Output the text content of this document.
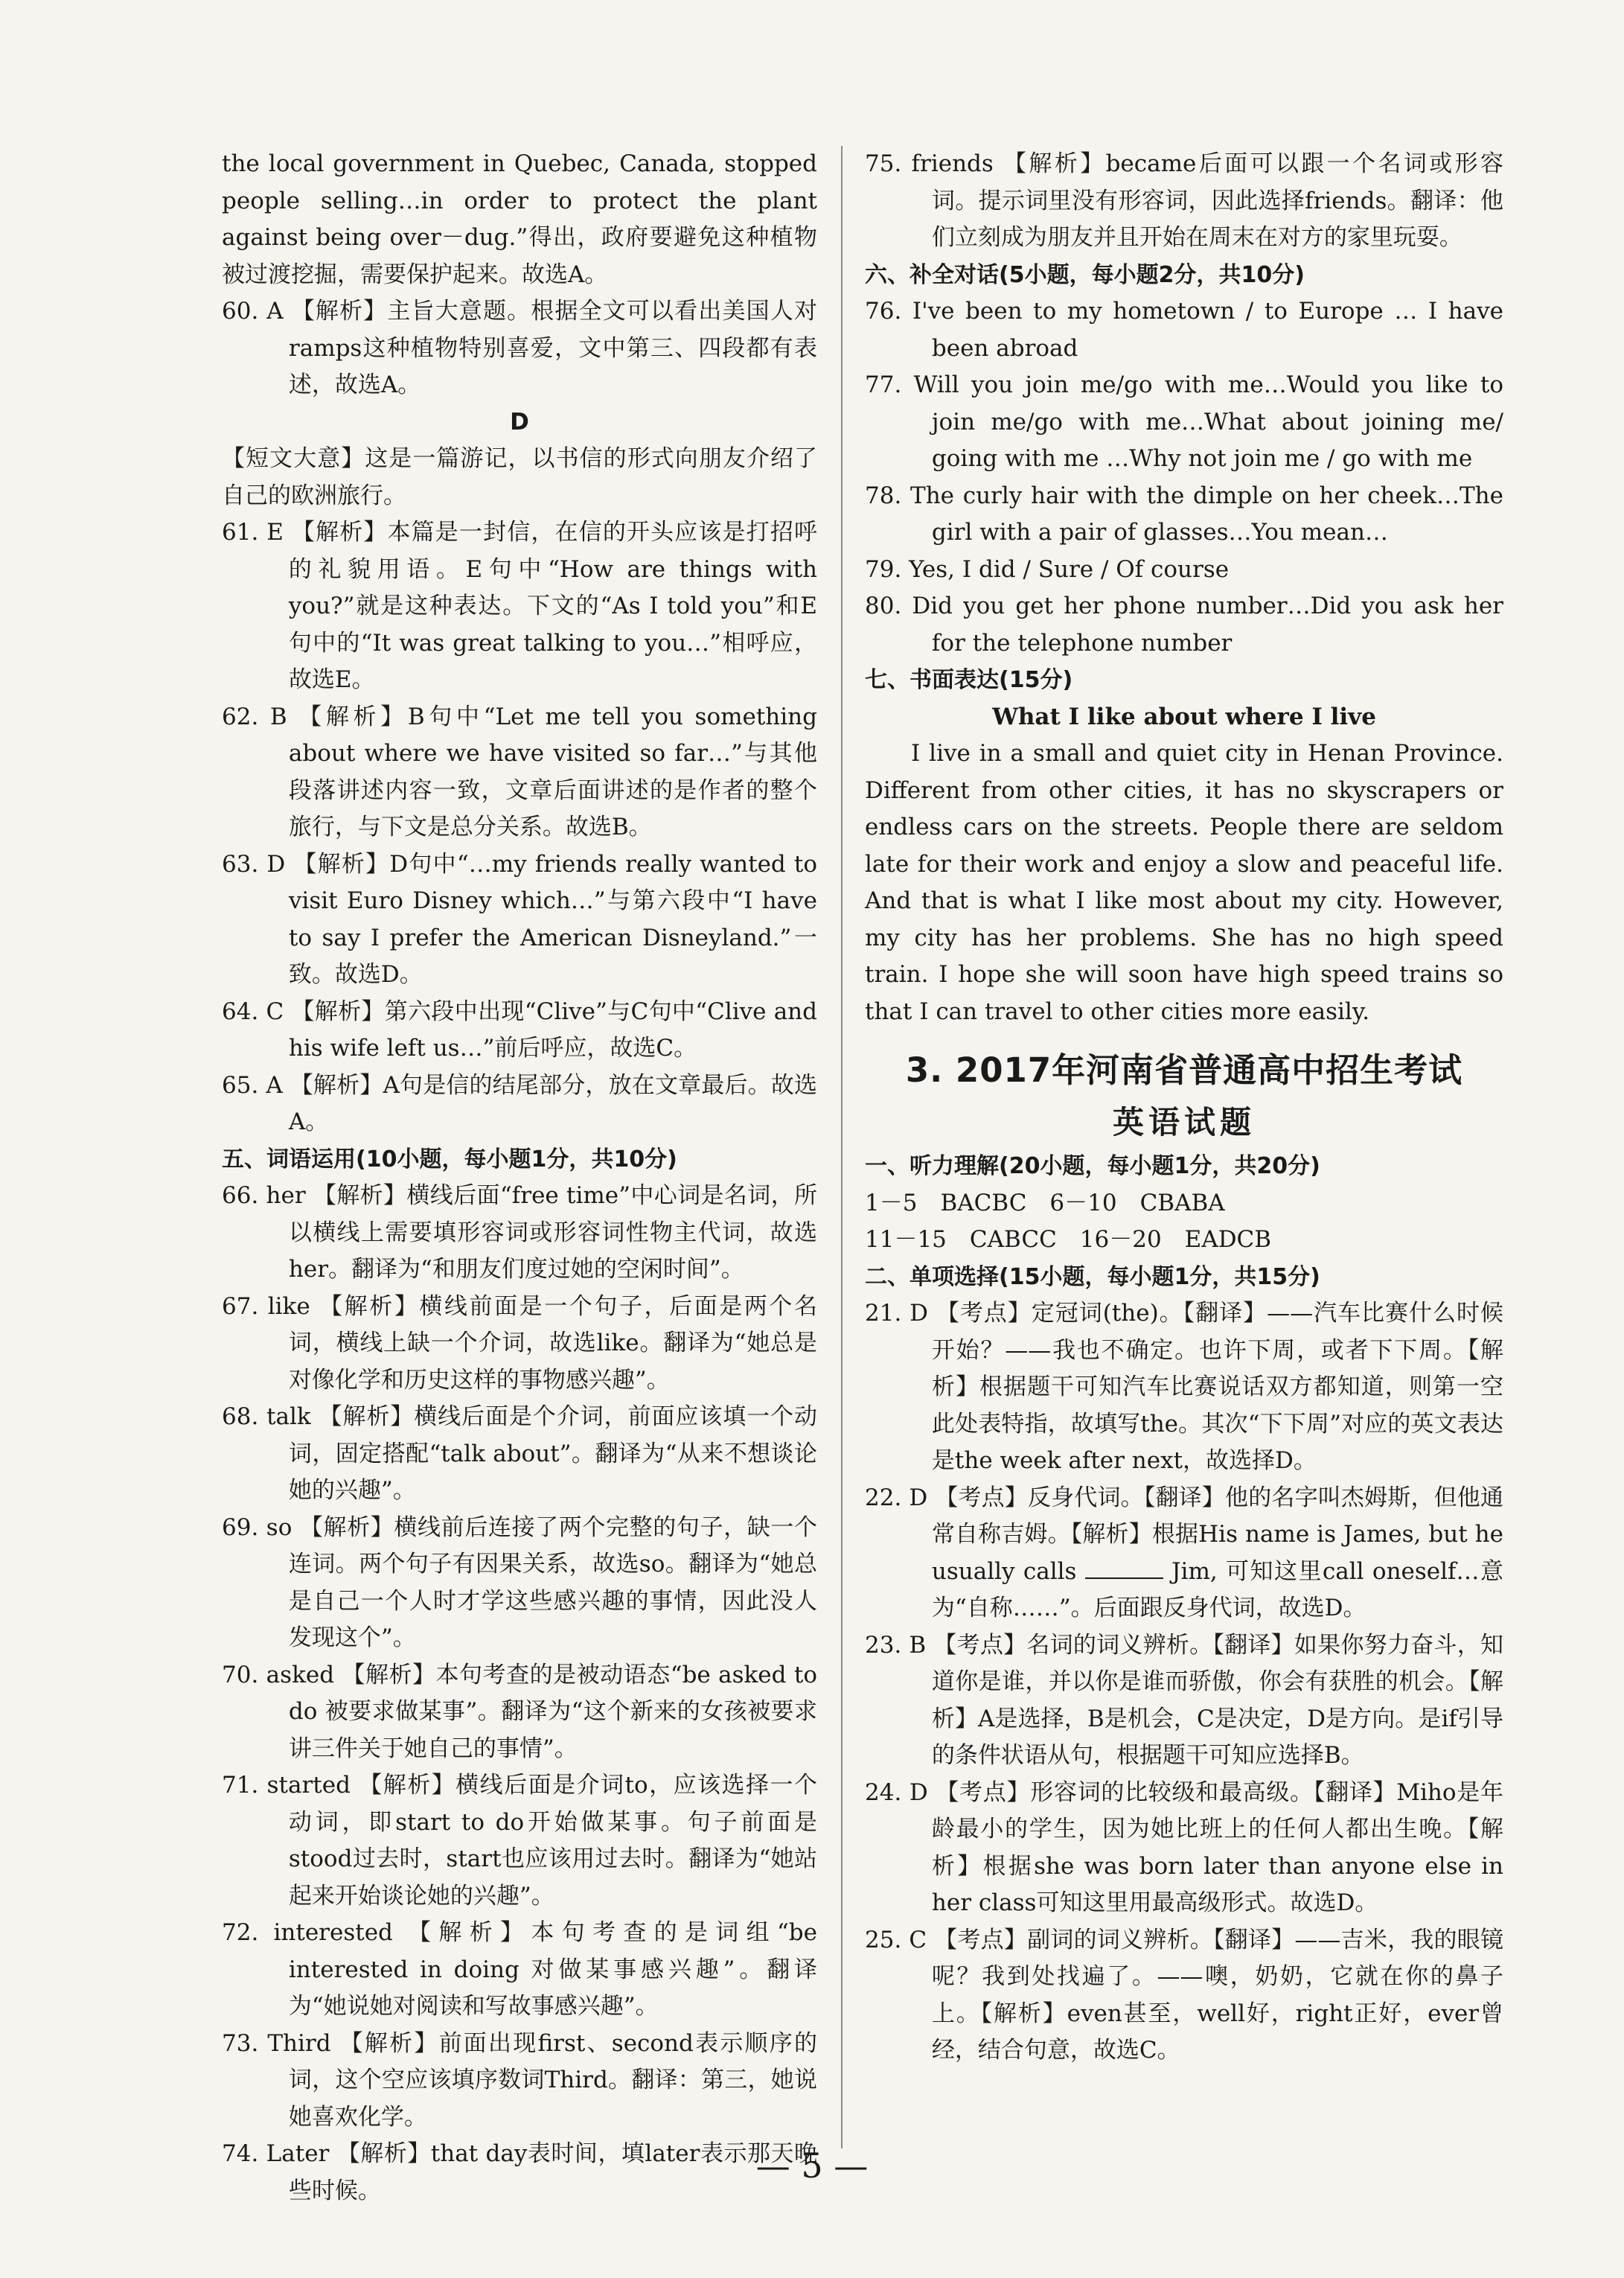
the local government in Quebec, Canada, stopped people selling…in order to protect the plant against being over－dug.”得出，政府要避免这种植物被过渡挖掘，需要保护起来。故选A。
60. A 【解析】主旨大意题。根据全文可以看出美国人对ramps这种植物特别喜爱，文中第三、四段都有表述，故选A。
D
【短文大意】这是一篇游记，以书信的形式向朋友介绍了自己的欧洲旅行。
61. E 【解析】本篇是一封信，在信的开头应该是打招呼的礼貌用语。E句中“How are things with you?”就是这种表达。下文的“As I told you”和E句中的“It was great talking to you…”相呼应，故选E。
62. B 【解析】B句中“Let me tell you something about where we have visited so far…”与其他段落讲述内容一致，文章后面讲述的是作者的整个旅行，与下文是总分关系。故选B。
63. D 【解析】D句中“…my friends really wanted to visit Euro Disney which…”与第六段中“I have to say I prefer the American Disneyland.”一致。故选D。
64. C 【解析】第六段中出现“Clive”与C句中“Clive and his wife left us…”前后呼应，故选C。
65. A 【解析】A句是信的结尾部分，放在文章最后。故选A。
五、词语运用(10小题，每小题1分，共10分)
66. her 【解析】横线后面“free time”中心词是名词，所以横线上需要填形容词或形容词性物主代词，故选her。翻译为“和朋友们度过她的空闲时间”。
67. like 【解析】横线前面是一个句子，后面是两个名词，横线上缺一个介词，故选like。翻译为“她总是对像化学和历史这样的事物感兴趣”。
68. talk 【解析】横线后面是个介词，前面应该填一个动词，固定搭配“talk about”。翻译为“从来不想谈论她的兴趣”。
69. so 【解析】横线前后连接了两个完整的句子，缺一个连词。两个句子有因果关系，故选so。翻译为“她总是自己一个人时才学这些感兴趣的事情，因此没人发现这个”。
70. asked 【解析】本句考查的是被动语态“be asked to do 被要求做某事”。翻译为“这个新来的女孩被要求讲三件关于她自己的事情”。
71. started 【解析】横线后面是介词to，应该选择一个动词，即start to do开始做某事。句子前面是stood过去时，start也应该用过去时。翻译为“她站起来开始谈论她的兴趣”。
72. interested 【解析】本句考查的是词组“be interested in doing 对做某事感兴趣”。翻译为“她说她对阅读和写故事感兴趣”。
73. Third 【解析】前面出现first、second表示顺序的词，这个空应该填序数词Third。翻译：第三，她说她喜欢化学。
74. Later 【解析】that day表时间，填later表示那天晚些时候。
75. friends 【解析】became后面可以跟一个名词或形容词。提示词里没有形容词，因此选择friends。翻译：他们立刻成为朋友并且开始在周末在对方的家里玩耍。
六、补全对话(5小题，每小题2分，共10分)
76. I've been to my hometown / to Europe … I have been abroad
77. Will you join me/go with me…Would you like to join me/go with me…What about joining me/ going with me …Why not join me / go with me
78. The curly hair with the dimple on her cheek…The girl with a pair of glasses…You mean…
79. Yes, I did / Sure / Of course
80. Did you get her phone number…Did you ask her for the telephone number
七、书面表达(15分)
What I like about where I live
I live in a small and quiet city in Henan Province. Different from other cities, it has no skyscrapers or endless cars on the streets. People there are seldom late for their work and enjoy a slow and peaceful life. And that is what I like most about my city. However, my city has her problems. She has no high speed train. I hope she will soon have high speed trains so that I can travel to other cities more easily.
3. 2017年河南省普通高中招生考试
英语试题
一、听力理解(20小题，每小题1分，共20分)
1－5　BACBC　6－10　CBABA
11－15　CABCC　16－20　EADCB
二、单项选择(15小题，每小题1分，共15分)
21. D 【考点】定冠词(the)。【翻译】——汽车比赛什么时候开始？——我也不确定。也许下周，或者下下周。【解析】根据题干可知汽车比赛说话双方都知道，则第一空此处表特指，故填写the。其次“下下周”对应的英文表达是the week after next，故选择D。
22. D 【考点】反身代词。【翻译】他的名字叫杰姆斯，但他通常自称吉姆。【解析】根据His name is James, but he usually calls	Jim, 可知这里call oneself…意为“自称……”。后面跟反身代词，故选D。
23. B 【考点】名词的词义辨析。【翻译】如果你努力奋斗，知道你是谁，并以你是谁而骄傲，你会有获胜的机会。【解析】A是选择，B是机会，C是决定，D是方向。是if引导的条件状语从句，根据题干可知应选择B。
24. D 【考点】形容词的比较级和最高级。【翻译】Miho是年龄最小的学生，因为她比班上的任何人都出生晚。【解析】根据she was born later than anyone else in her class可知这里用最高级形式。故选D。
25. C 【考点】副词的词义辨析。【翻译】——吉米，我的眼镜呢？我到处找遍了。——噢，奶奶，它就在你的鼻子上。【解析】even甚至，well好，right正好，ever曾经，结合句意，故选C。
— 5 —
